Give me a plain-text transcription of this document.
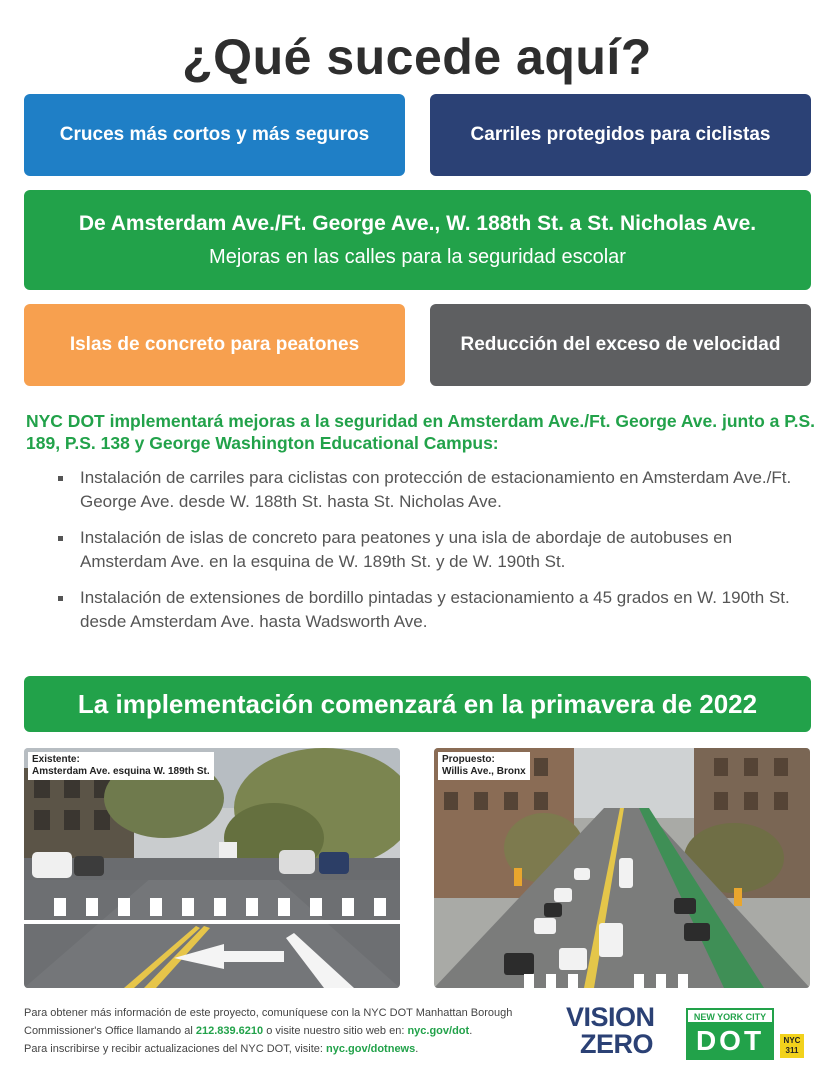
¿Qué sucede aquí?
Cruces más cortos y más seguros	Carriles protegidos para ciclistas
De Amsterdam Ave./Ft. George Ave., W. 188th St. a St. Nicholas Ave.
Mejoras en las calles para la seguridad escolar
Islas de concreto para peatones	Reducción del exceso de velocidad
NYC DOT implementará mejoras a la seguridad en Amsterdam Ave./Ft. George Ave. junto a P.S. 189, P.S. 138 y George Washington Educational Campus:
Instalación de carriles para ciclistas con protección de estacionamiento en Amsterdam Ave./Ft. George Ave. desde W. 188th St. hasta St. Nicholas Ave.
Instalación de islas de concreto para peatones y una isla de abordaje de autobuses en Amsterdam Ave. en la esquina de W. 189th St. y de W. 190th St.
Instalación de extensiones de bordillo pintadas y estacionamiento a 45 grados en W. 190th St. desde Amsterdam Ave. hasta Wadsworth Ave.
La implementación comenzará en la primavera de 2022
Existente:
Amsterdam Ave. esquina W. 189th St.
Propuesto:
Willis Ave., Bronx
Para obtener más información de este proyecto, comuníquese con la NYC DOT Manhattan Borough
Commissioner's Office llamando al 212.839.6210 o visite nuestro sitio web en: nyc.gov/dot.
Para inscribirse y recibir actualizaciones del NYC DOT, visite: nyc.gov/dotnews.
VISION
ZERO
NEW YORK CITY
DOT	NYC
311
